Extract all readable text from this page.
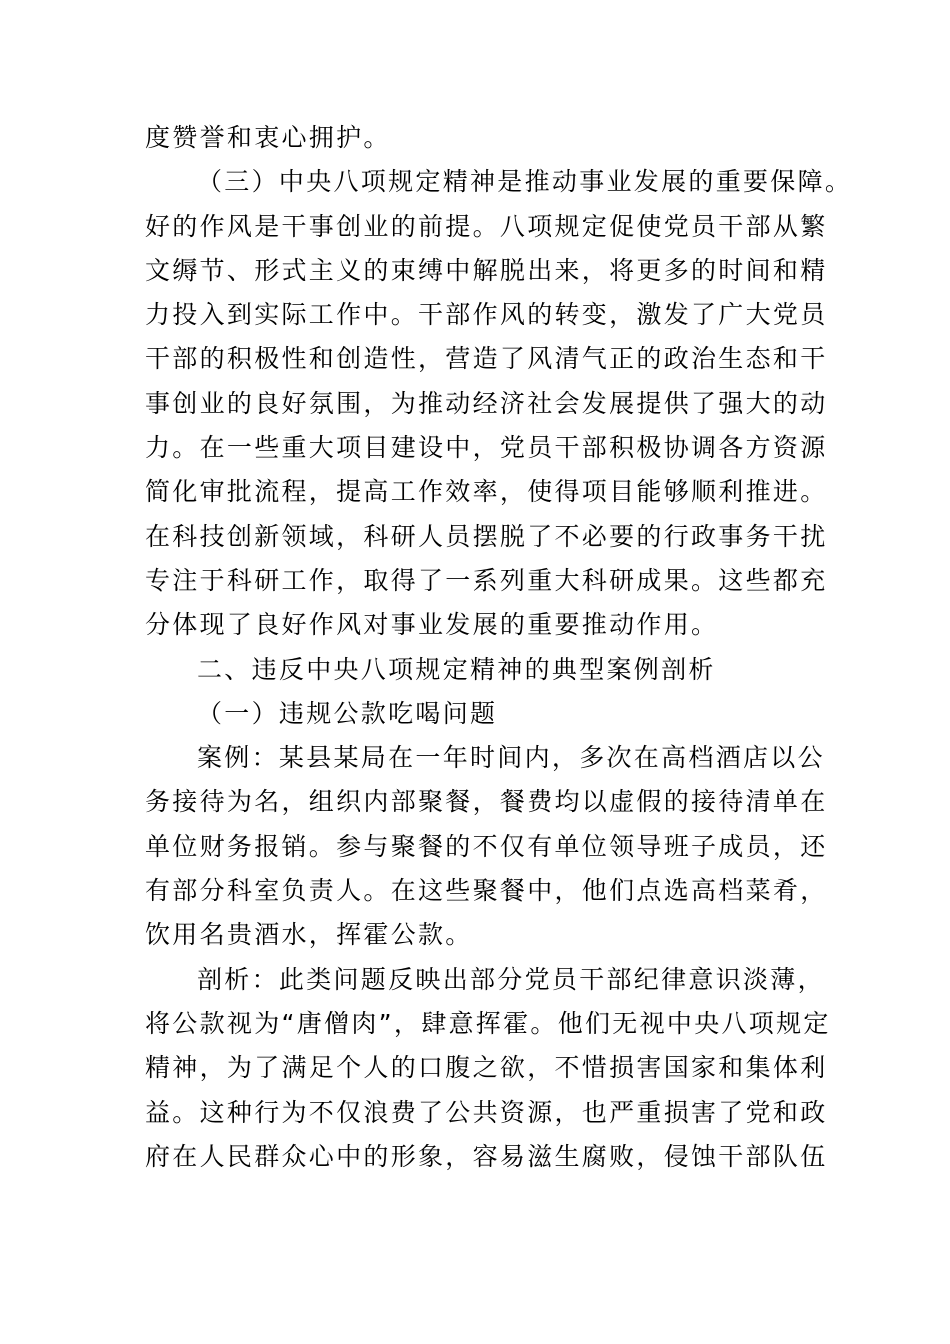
度赞誉和衷心拥护。
（三）中央八项规定精神是推动事业发展的重要保障。
好的作风是干事创业的前提。八项规定促使党员干部从繁
文缛节、形式主义的束缚中解脱出来，将更多的时间和精
力投入到实际工作中。干部作风的转变，激发了广大党员
干部的积极性和创造性，营造了风清气正的政治生态和干
事创业的良好氛围，为推动经济社会发展提供了强大的动
力。在一些重大项目建设中，党员干部积极协调各方资源
简化审批流程，提高工作效率，使得项目能够顺利推进。
在科技创新领域，科研人员摆脱了不必要的行政事务干扰
专注于科研工作，取得了一系列重大科研成果。这些都充
分体现了良好作风对事业发展的重要推动作用。
二、违反中央八项规定精神的典型案例剖析
（一）违规公款吃喝问题
案例：某县某局在一年时间内，多次在高档酒店以公
务接待为名，组织内部聚餐，餐费均以虚假的接待清单在
单位财务报销。参与聚餐的不仅有单位领导班子成员，还
有部分科室负责人。在这些聚餐中，他们点选高档菜肴，
饮用名贵酒水，挥霍公款。
剖析：此类问题反映出部分党员干部纪律意识淡薄，
将公款视为“唐僧肉”，肆意挥霍。他们无视中央八项规定
精神，为了满足个人的口腹之欲，不惜损害国家和集体利
益。这种行为不仅浪费了公共资源，也严重损害了党和政
府在人民群众心中的形象，容易滋生腐败，侵蚀干部队伍
